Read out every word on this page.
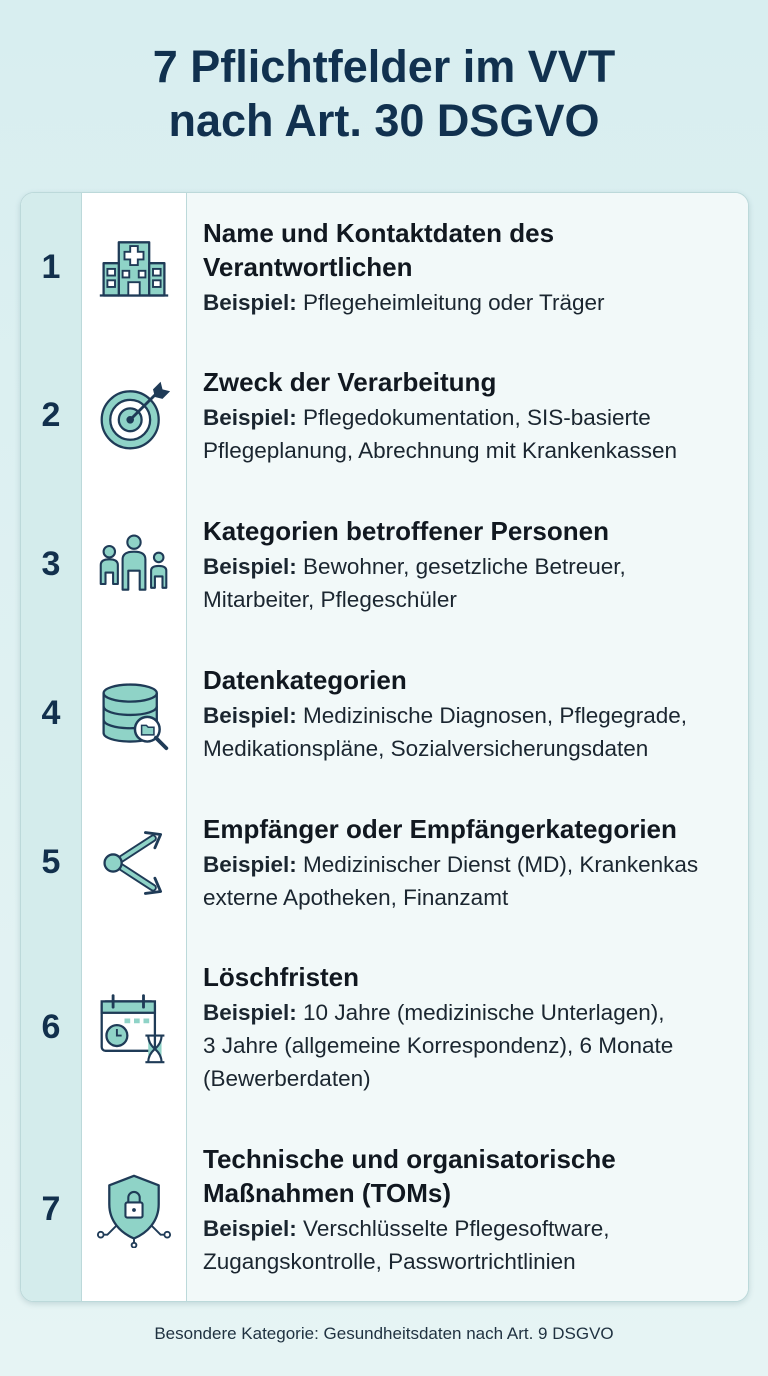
7 Pflichtfelder im VVT
nach Art. 30 DSGVO
1
Name und Kontaktdaten des
Verantwortlichen
Beispiel: Pflegeheimleitung oder Träger
2
Zweck der Verarbeitung
Beispiel: Pflegedokumentation, SIS-basierte
Pflegeplanung, Abrechnung mit Krankenkassen
3
Kategorien betroffener Personen
Beispiel: Bewohner, gesetzliche Betreuer,
Mitarbeiter, Pflegeschüler
4
Datenkategorien
Beispiel: Medizinische Diagnosen, Pflegegrade,
Medikationspläne, Sozialversicherungsdaten
5
Empfänger oder Empfängerkategorien
Beispiel: Medizinischer Dienst (MD), Krankenkas
externe Apotheken, Finanzamt
6
Löschfristen
Beispiel: 10 Jahre (medizinische Unterlagen),
3 Jahre (allgemeine Korrespondenz), 6 Monate
(Bewerberdaten)
7
Technische und organisatorische
Maßnahmen (TOMs)
Beispiel: Verschlüsselte Pflegesoftware,
Zugangskontrolle, Passwortrichtlinien
Besondere Kategorie: Gesundheitsdaten nach Art. 9 DSGVO
